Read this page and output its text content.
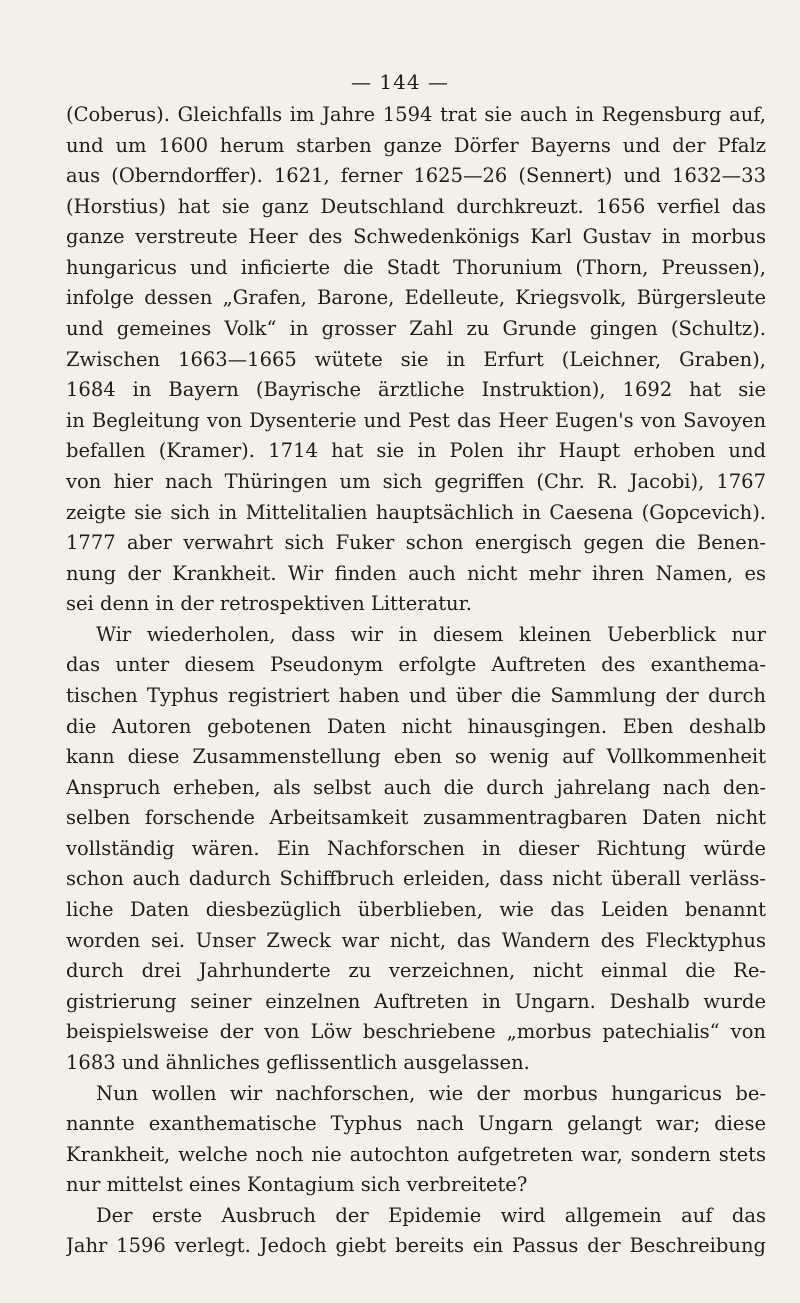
— 144 —
(Coberus). Gleichfalls im Jahre 1594 trat sie auch in Regensburg auf,
und um 1600 herum starben ganze Dörfer Bayerns und der Pfalz
aus (Oberndorffer). 1621, ferner 1625—26 (Sennert) und 1632—33
(Horstius) hat sie ganz Deutschland durchkreuzt. 1656 verfiel das
ganze verstreute Heer des Schwedenkönigs Karl Gustav in morbus
hungaricus und inficierte die Stadt Thorunium (Thorn, Preussen),
infolge dessen „Grafen, Barone, Edelleute, Kriegsvolk, Bürgersleute
und gemeines Volk“ in grosser Zahl zu Grunde gingen (Schultz).
Zwischen 1663—1665 wütete sie in Erfurt (Leichner, Graben),
1684 in Bayern (Bayrische ärztliche Instruktion), 1692 hat sie
in Begleitung von Dysenterie und Pest das Heer Eugen's von Savoyen
befallen (Kramer). 1714 hat sie in Polen ihr Haupt erhoben und
von hier nach Thüringen um sich gegriffen (Chr. R. Jacobi), 1767
zeigte sie sich in Mittelitalien hauptsächlich in Caesena (Gopcevich).
1777 aber verwahrt sich Fuker schon energisch gegen die Benen-
nung der Krankheit. Wir finden auch nicht mehr ihren Namen, es
sei denn in der retrospektiven Litteratur.
Wir wiederholen, dass wir in diesem kleinen Ueberblick nur
das unter diesem Pseudonym erfolgte Auftreten des exanthema-
tischen Typhus registriert haben und über die Sammlung der durch
die Autoren gebotenen Daten nicht hinausgingen. Eben deshalb
kann diese Zusammenstellung eben so wenig auf Vollkommenheit
Anspruch erheben, als selbst auch die durch jahrelang nach den-
selben forschende Arbeitsamkeit zusammentragbaren Daten nicht
vollständig wären. Ein Nachforschen in dieser Richtung würde
schon auch dadurch Schiffbruch erleiden, dass nicht überall verläss-
liche Daten diesbezüglich überblieben, wie das Leiden benannt
worden sei. Unser Zweck war nicht, das Wandern des Flecktyphus
durch drei Jahrhunderte zu verzeichnen, nicht einmal die Re-
gistrierung seiner einzelnen Auftreten in Ungarn. Deshalb wurde
beispielsweise der von Löw beschriebene „morbus patechialis“ von
1683 und ähnliches geflissentlich ausgelassen.
Nun wollen wir nachforschen, wie der morbus hungaricus be-
nannte exanthematische Typhus nach Ungarn gelangt war; diese
Krankheit, welche noch nie autochton aufgetreten war, sondern stets
nur mittelst eines Kontagium sich verbreitete?
Der erste Ausbruch der Epidemie wird allgemein auf das
Jahr 1596 verlegt. Jedoch giebt bereits ein Passus der Beschreibung
